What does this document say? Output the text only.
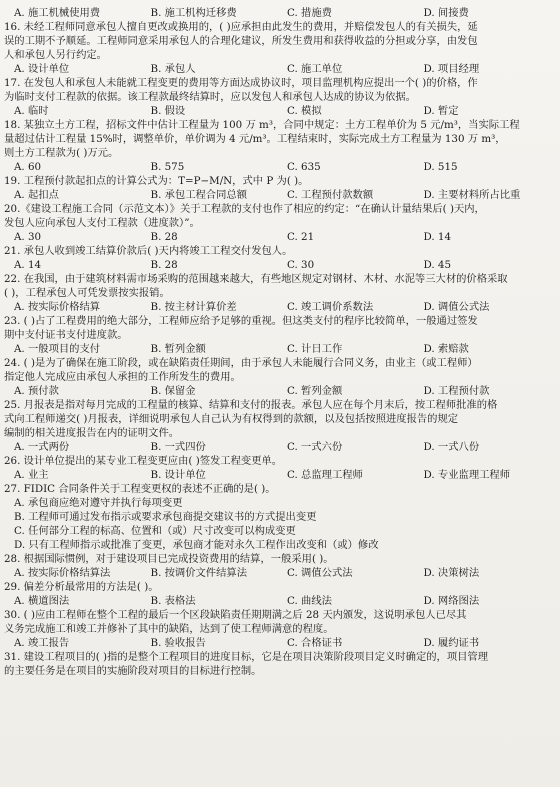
A. 施工机械使用费	B. 施工机构迁移费	C. 措施费	D. 间接费
16. 未经工程师同意承包人擅自更改或换用的，( )应承担由此发生的费用，并赔偿发包人的有关损失，延
误的工期不予顺延。工程师同意采用承包人的合理化建议，所发生费用和获得收益的分担或分享，由发包
人和承包人另行约定。
A. 设计单位	B. 承包人	C. 施工单位	D. 项目经理
17. 在发包人和承包人未能就工程变更的费用等方面达成协议时，项目监理机构应提出一个( )的价格，作
为临时支付工程款的依据。该工程款最终结算时，应以发包人和承包人达成的协议为依据。
A. 临时	B. 假设	C. 模拟	D. 暂定
18. 某独立土方工程，招标文件中估计工程量为 100 万 m³，合同中规定：土方工程单价为 5 元/m³，当实际工程
量超过估计工程量 15%时，调整单价，单价调为 4 元/m³。工程结束时，实际完成土方工程量为 130 万 m³，
则土方工程款为( )万元。
A. 60	B. 575	C. 635	D. 515
19. 工程预付款起扣点的计算公式为：T=P−M/N，式中 P 为( )。
A. 起扣点	B. 承包工程合同总额	C. 工程预付款数额	D. 主要材料所占比重
20.《建设工程施工合同（示范文本）》关于工程款的支付也作了相应的约定：“在确认计量结果后( )天内，
发包人应向承包人支付工程款（进度款）”。
A. 30	B. 28	C. 21	D. 14
21. 承包人收到竣工结算价款后( )天内将竣工工程交付发包人。
A. 14	B. 28	C. 30	D. 45
22. 在我国，由于建筑材料需市场采购的范围越来越大，有些地区规定对钢材、木材、水泥等三大材的价格采取
( )，工程承包人可凭发票按实报销。
A. 按实际价格结算	B. 按主材计算价差	C. 竣工调价系数法	D. 调值公式法
23. ( )占了工程费用的绝大部分，工程师应给予足够的重视。但这类支付的程序比较简单，一般通过签发
期中支付证书支付进度款。
A. 一般项目的支付	B. 暂列金额	C. 计日工作	D. 索赔款
24. ( )是为了确保在施工阶段，或在缺陷责任期间，由于承包人未能履行合同义务，由业主（或工程师）
指定他人完成应由承包人承担的工作所发生的费用。
A. 预付款	B. 保留金	C. 暂列金额	D. 工程预付款
25. 月报表是指对每月完成的工程量的核算、结算和支付的报表。承包人应在每个月末后，按工程师批准的格
式向工程师递交( )月报表，详细说明承包人自己认为有权得到的款额，以及包括按照进度报告的规定
编制的相关进度报告在内的证明文件。
A. 一式两份	B. 一式四份	C. 一式六份	D. 一式八份
26. 设计单位提出的某专业工程变更应由( )签发工程变更单。
A. 业主	B. 设计单位	C. 总监理工程师	D. 专业监理工程师
27. FIDIC 合同条件关于工程变更权的表述不正确的是( )。
A. 承包商应绝对遵守并执行每项变更
B. 工程师可通过发布指示或要求承包商提交建议书的方式提出变更
C. 任何部分工程的标高、位置和（或）尺寸改变可以构成变更
D. 只有工程师指示或批准了变更，承包商才能对永久工程作出改变和（或）修改
28. 根据国际惯例，对于建设项目已完成投资费用的结算，一般采用( )。
A. 按实际价格结算法	B. 按调价文件结算法	C. 调值公式法	D. 决策树法
29. 偏差分析最常用的方法是( )。
A. 横道图法	B. 表格法	C. 曲线法	D. 网络图法
30. ( )应由工程师在整个工程的最后一个区段缺陷责任期期满之后 28 天内颁发，这说明承包人已尽其
义务完成施工和竣工并修补了其中的缺陷，达到了使工程师满意的程度。
A. 竣工报告	B. 验收报告	C. 合格证书	D. 履约证书
31. 建设工程项目的( )指的是整个工程项目的进度目标，它是在项目决策阶段项目定义时确定的，项目管理
的主要任务是在项目的实施阶段对项目的目标进行控制。
